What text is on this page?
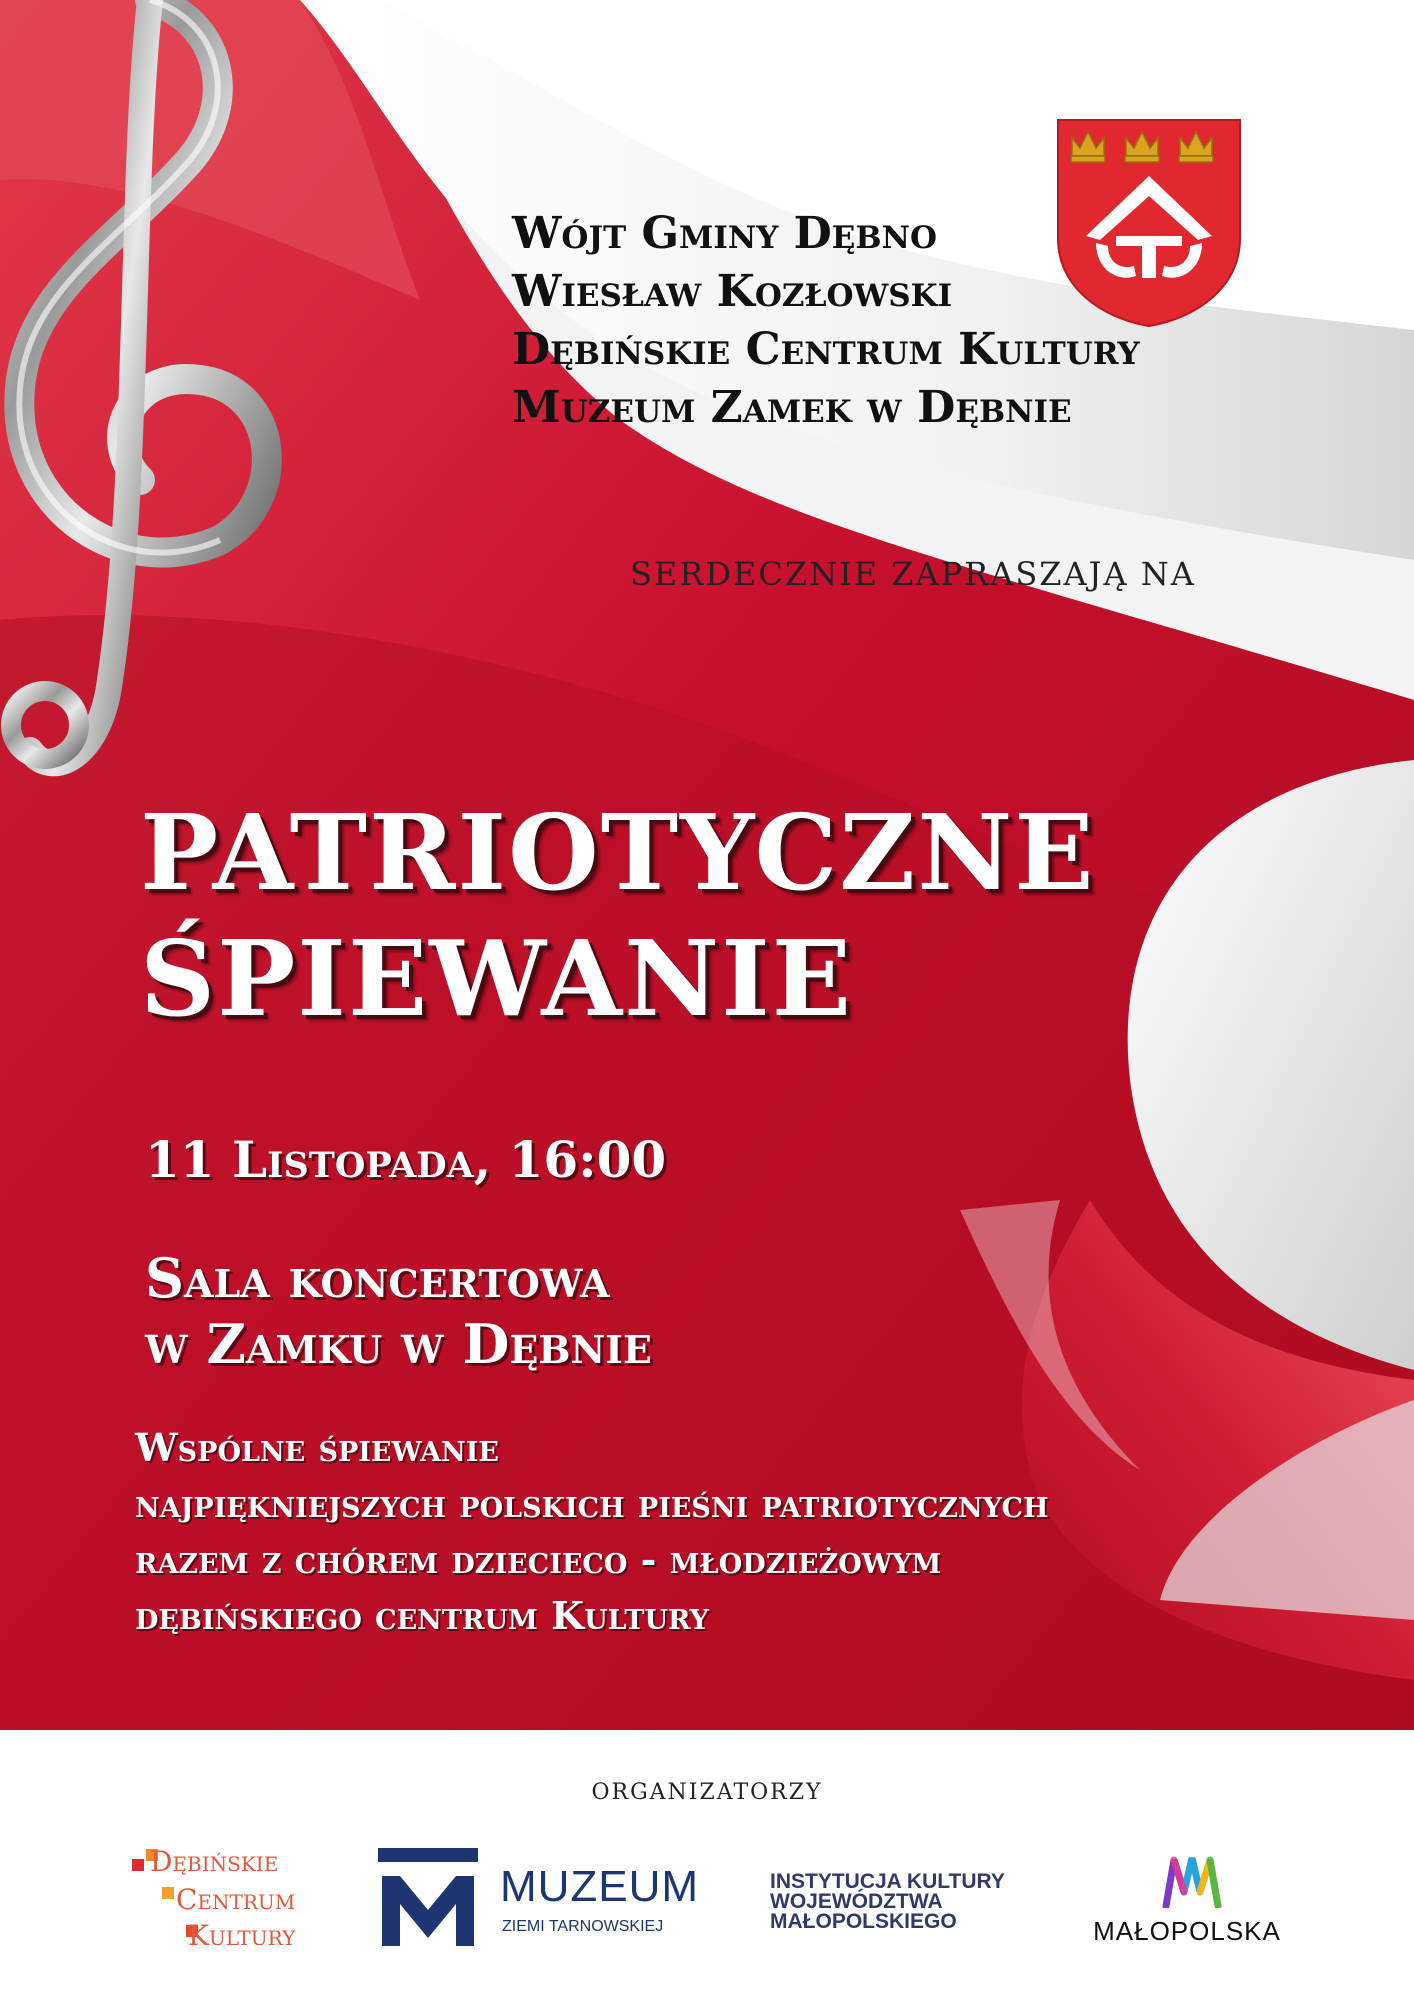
Wójt Gminy Dębno
Wiesław Kozłowski
Dębińskie Centrum Kultury
Muzeum Zamek w Dębnie
SERDECZNIE ZAPRASZAJĄ NA
PATRIOTYCZNE
ŚPIEWANIE
11 Listopada, 16:00
Sala koncertowa
w Zamku w Dębnie
Wspólne śpiewanie
najpiękniejszych polskich pieśni patriotycznych
razem z chórem dziecieco - młodzieżowym
dębińskiego centrum Kultury
ORGANIZATORZY
Dębińskie
Centrum
Kultury
MUZEUM
ZIEMI TARNOWSKIEJ
INSTYTUCJA KULTURY
WOJEWÓDZTWA
MAŁOPOLSKIEGO	MAŁOPOLSKA
